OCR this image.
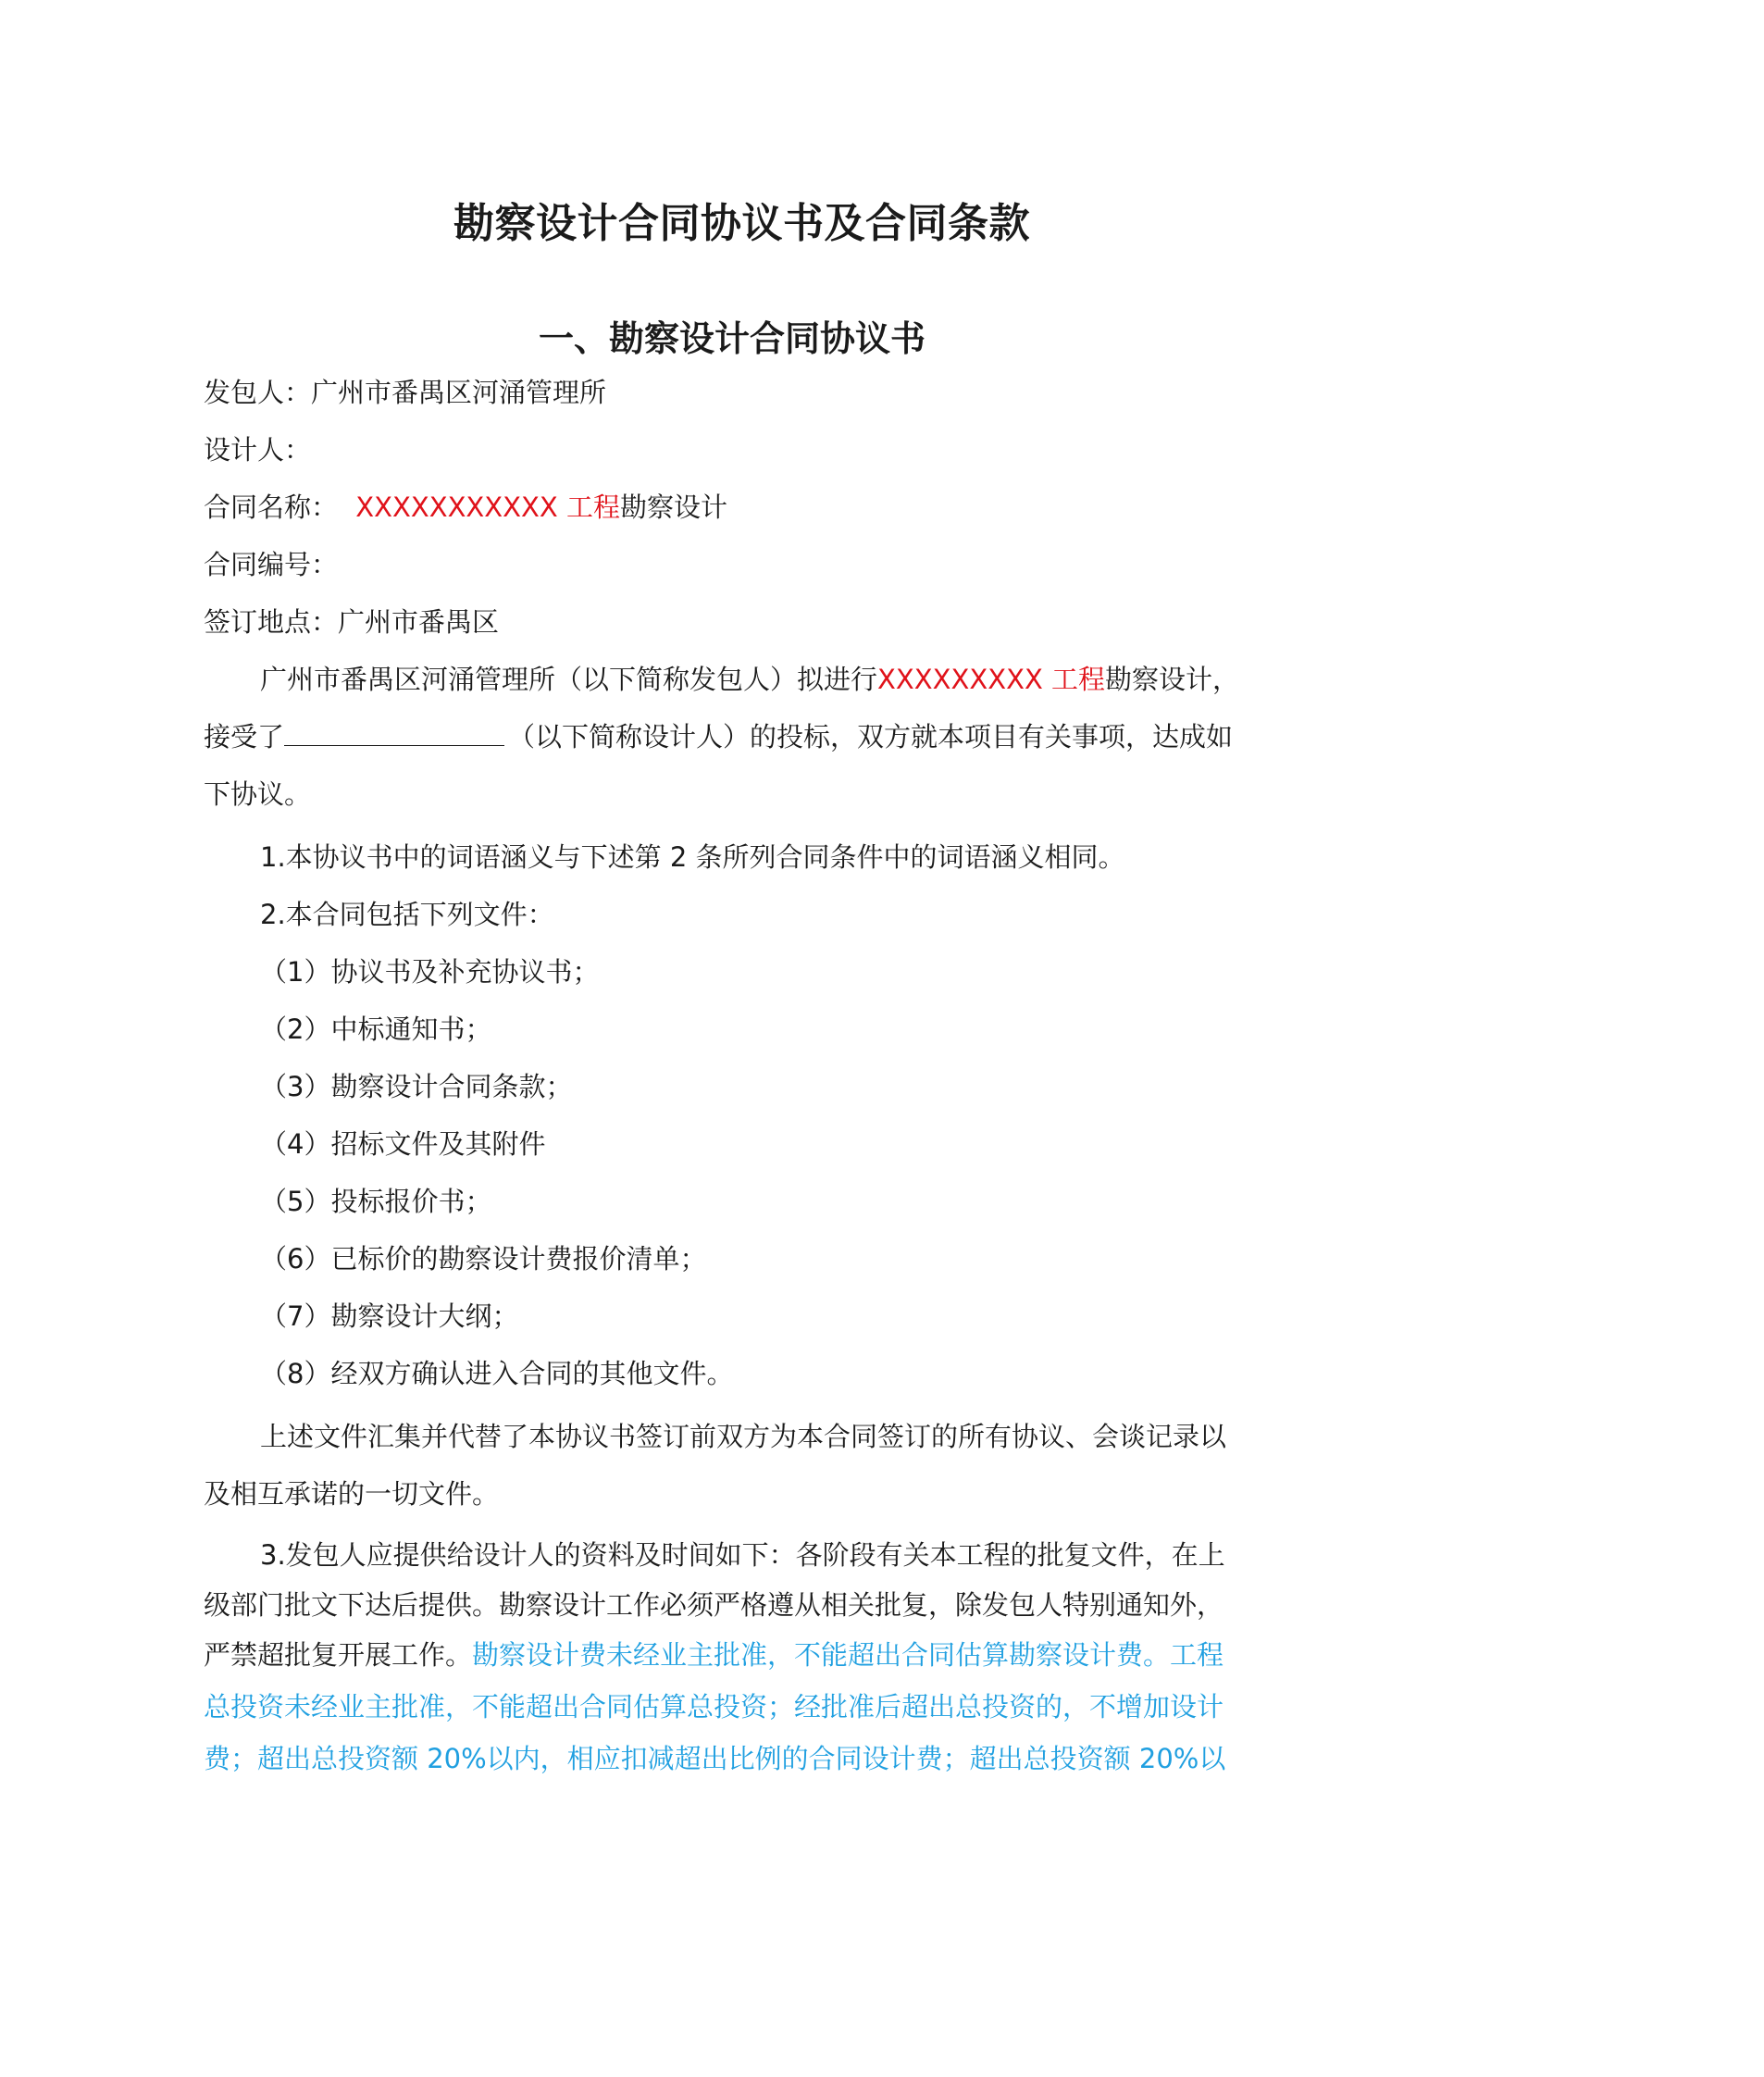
勘察设计合同协议书及合同条款
一、勘察设计合同协议书

发包人：广州市番禺区河涌管理所

设计人：

合同名称： XXXXXXXXXXX 工程勘察设计

合同编号：

签订地点：广州市番禺区

广州市番禺区河涌管理所（以下简称发包人）拟进行XXXXXXXXX 工程勘察设计，

接受了	（以下简称设计人）的投标，双方就本项目有关事项，达成如

下协议。

1.本协议书中的词语涵义与下述第 2 条所列合同条件中的词语涵义相同。

2.本合同包括下列文件：

（1）协议书及补充协议书；

（2）中标通知书；

（3）勘察设计合同条款；

（4）招标文件及其附件

（5）投标报价书；

（6）已标价的勘察设计费报价清单；

（7）勘察设计大纲；

（8）经双方确认进入合同的其他文件。

上述文件汇集并代替了本协议书签订前双方为本合同签订的所有协议、会谈记录以

及相互承诺的一切文件。

3.发包人应提供给设计人的资料及时间如下：各阶段有关本工程的批复文件，在上

级部门批文下达后提供。勘察设计工作必须严格遵从相关批复，除发包人特别通知外，

严禁超批复开展工作。勘察设计费未经业主批准，不能超出合同估算勘察设计费。工程

总投资未经业主批准，不能超出合同估算总投资；经批准后超出总投资的，不增加设计

费；超出总投资额 20%以内，相应扣减超出比例的合同设计费；超出总投资额 20%以
